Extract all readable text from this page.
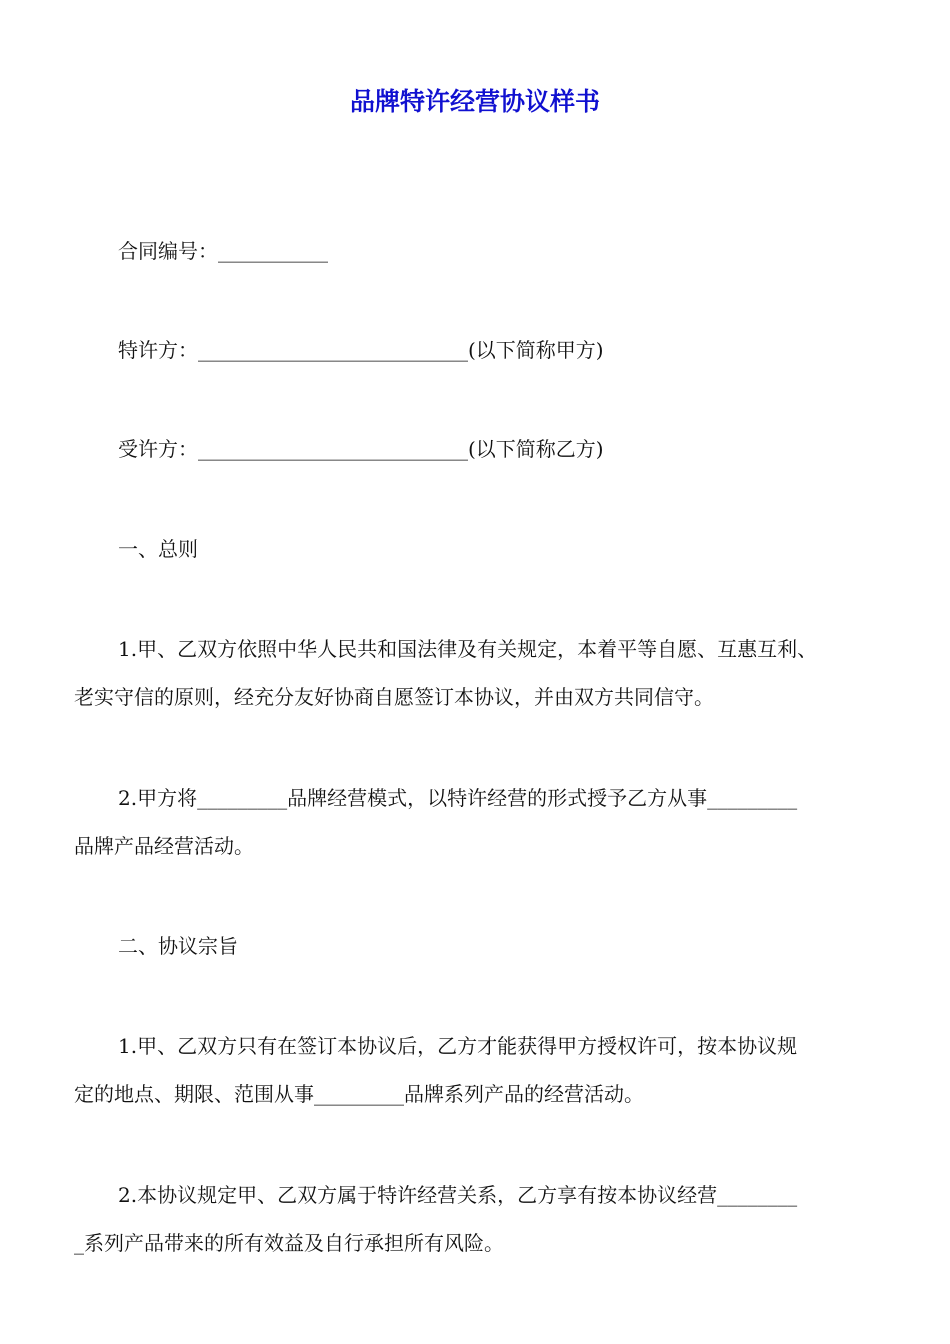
品牌特许经营协议样书
合同编号：___________
特许方：___________________________(以下简称甲方)
受许方：___________________________(以下简称乙方)
一、总则
1.甲、乙双方依照中华人民共和国法律及有关规定，本着平等自愿、互惠互利、
老实守信的原则，经充分友好协商自愿签订本协议，并由双方共同信守。
2.甲方将_________品牌经营模式，以特许经营的形式授予乙方从事_________
品牌产品经营活动。
二、协议宗旨
1.甲、乙双方只有在签订本协议后，乙方才能获得甲方授权许可，按本协议规
定的地点、期限、范围从事_________品牌系列产品的经营活动。
2.本协议规定甲、乙双方属于特许经营关系，乙方享有按本协议经营________
_系列产品带来的所有效益及自行承担所有风险。
